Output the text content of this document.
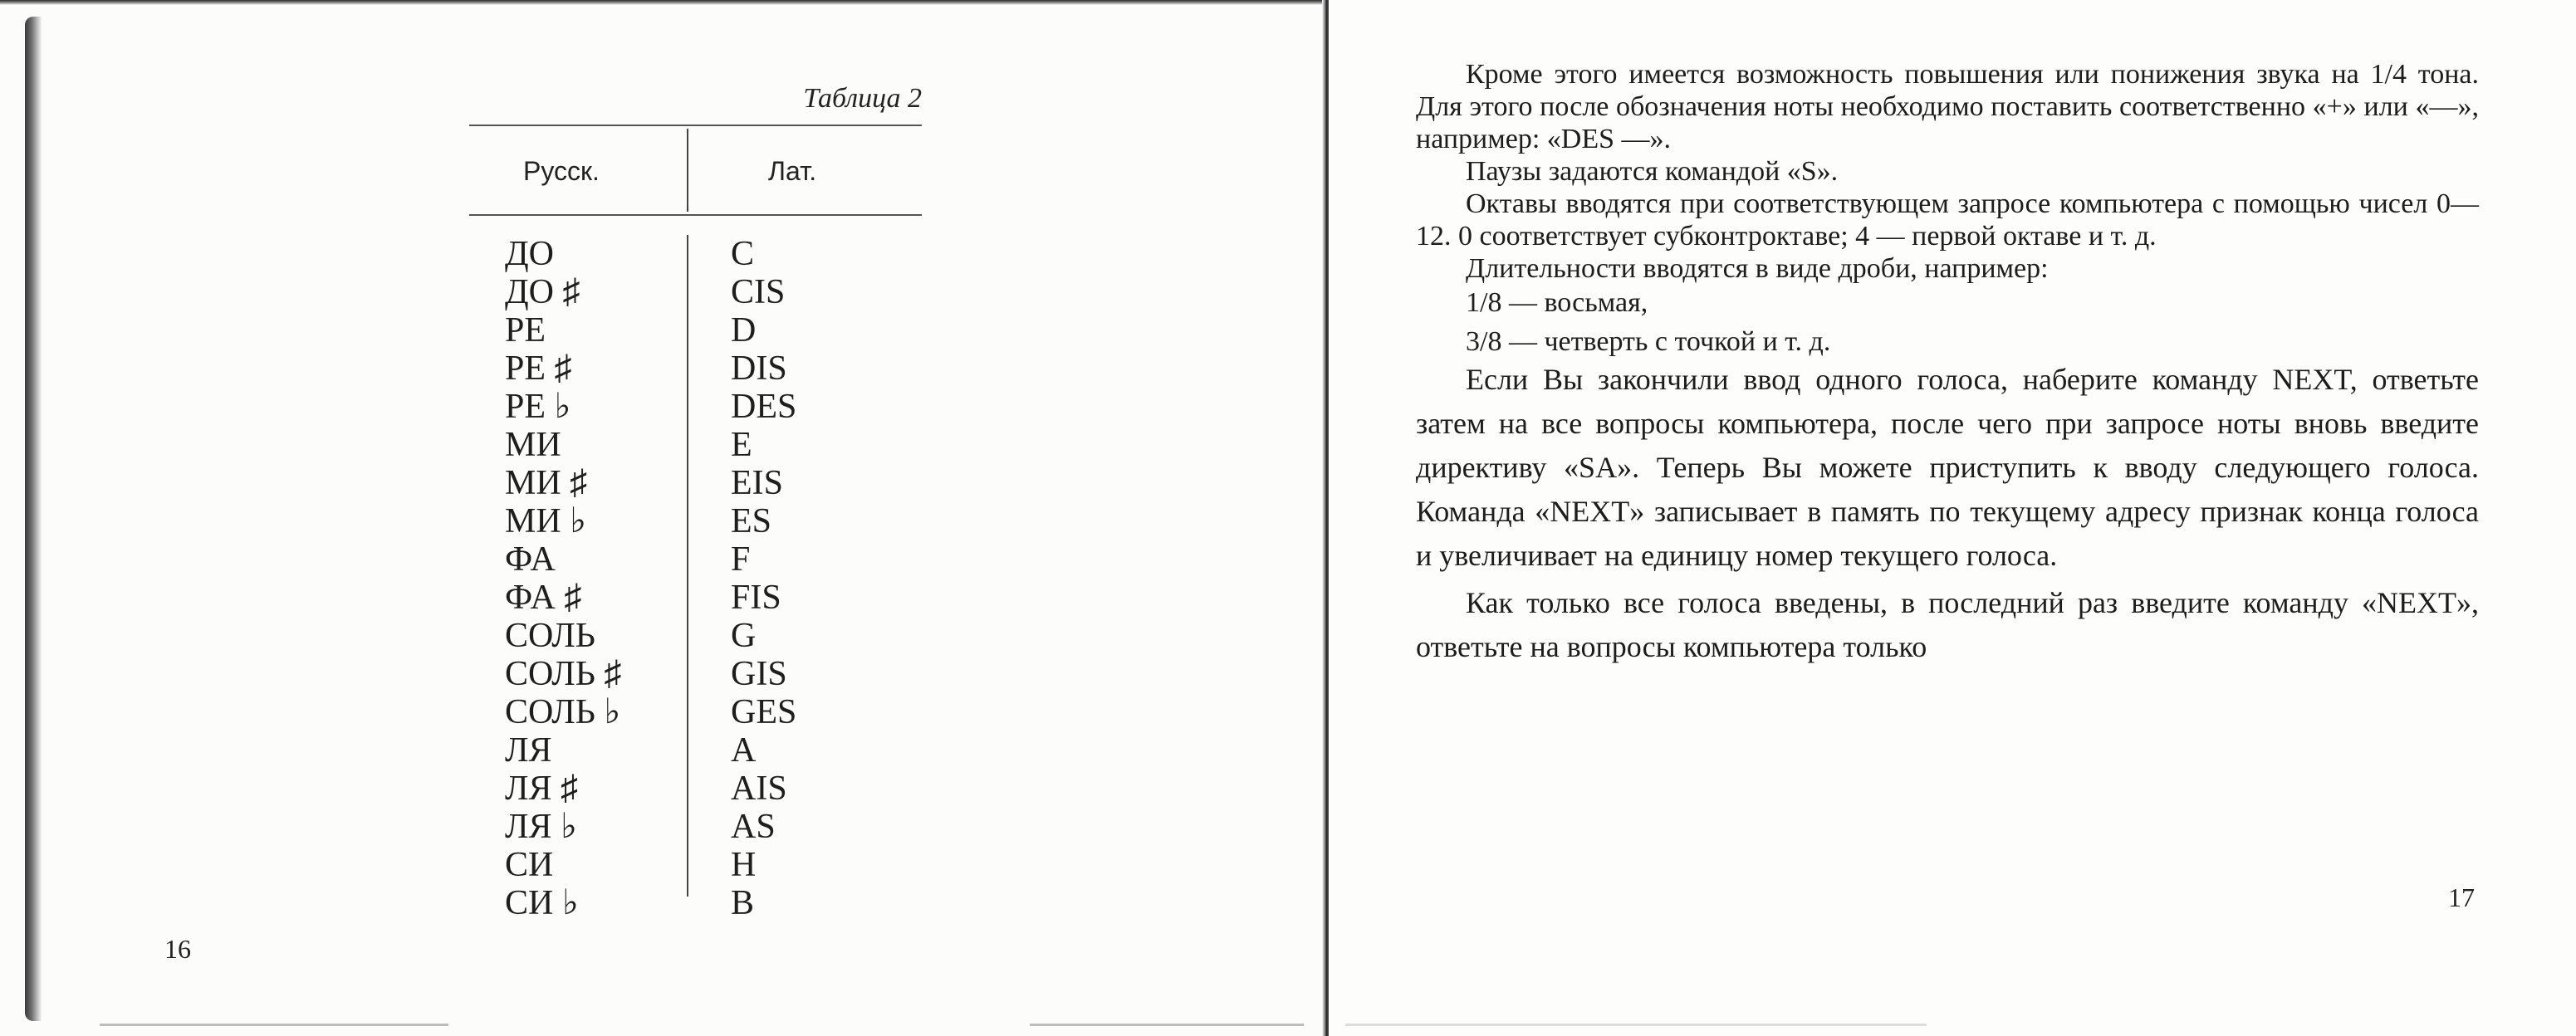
Таблица 2
Русск.	Лат.
ДО
ДО ♯
РЕ
РЕ ♯
РЕ ♭
МИ
МИ ♯
МИ ♭
ФА
ФА ♯
СОЛЬ
СОЛЬ ♯
СОЛЬ ♭
ЛЯ
ЛЯ ♯
ЛЯ ♭
СИ
СИ ♭
C
CIS
D
DIS
DES
E
EIS
ES
F
FIS
G
GIS
GES
A
AIS
AS
H
B
16

Кроме этого имеется возможность повышения или понижения звука на 1/4 тона. Для этого после обозначения ноты необходимо поставить соответственно «+» или «—», например: «DES —».

Паузы задаются командой «S».

Октавы вводятся при соответствующем запросе компьютера с помощью чисел 0—12. 0 соответствует субконтроктаве; 4 — первой октаве и т. д.

Длительности вводятся в виде дроби, например:

1/8 — восьмая,

3/8 — четверть с точкой и т. д.

Если Вы закончили ввод одного голоса, наберите команду NEXT, ответьте затем на все вопросы компьютера, после чего при запросе ноты вновь введите директиву «SA». Теперь Вы можете приступить к вводу следующего голоса. Команда «NEXT» записывает в память по текущему адресу признак конца голоса и увеличивает на единицу номер текущего голоса.

Как только все голоса введены, в последний раз введите команду «NEXT», ответьте на вопросы компьютера только

17
